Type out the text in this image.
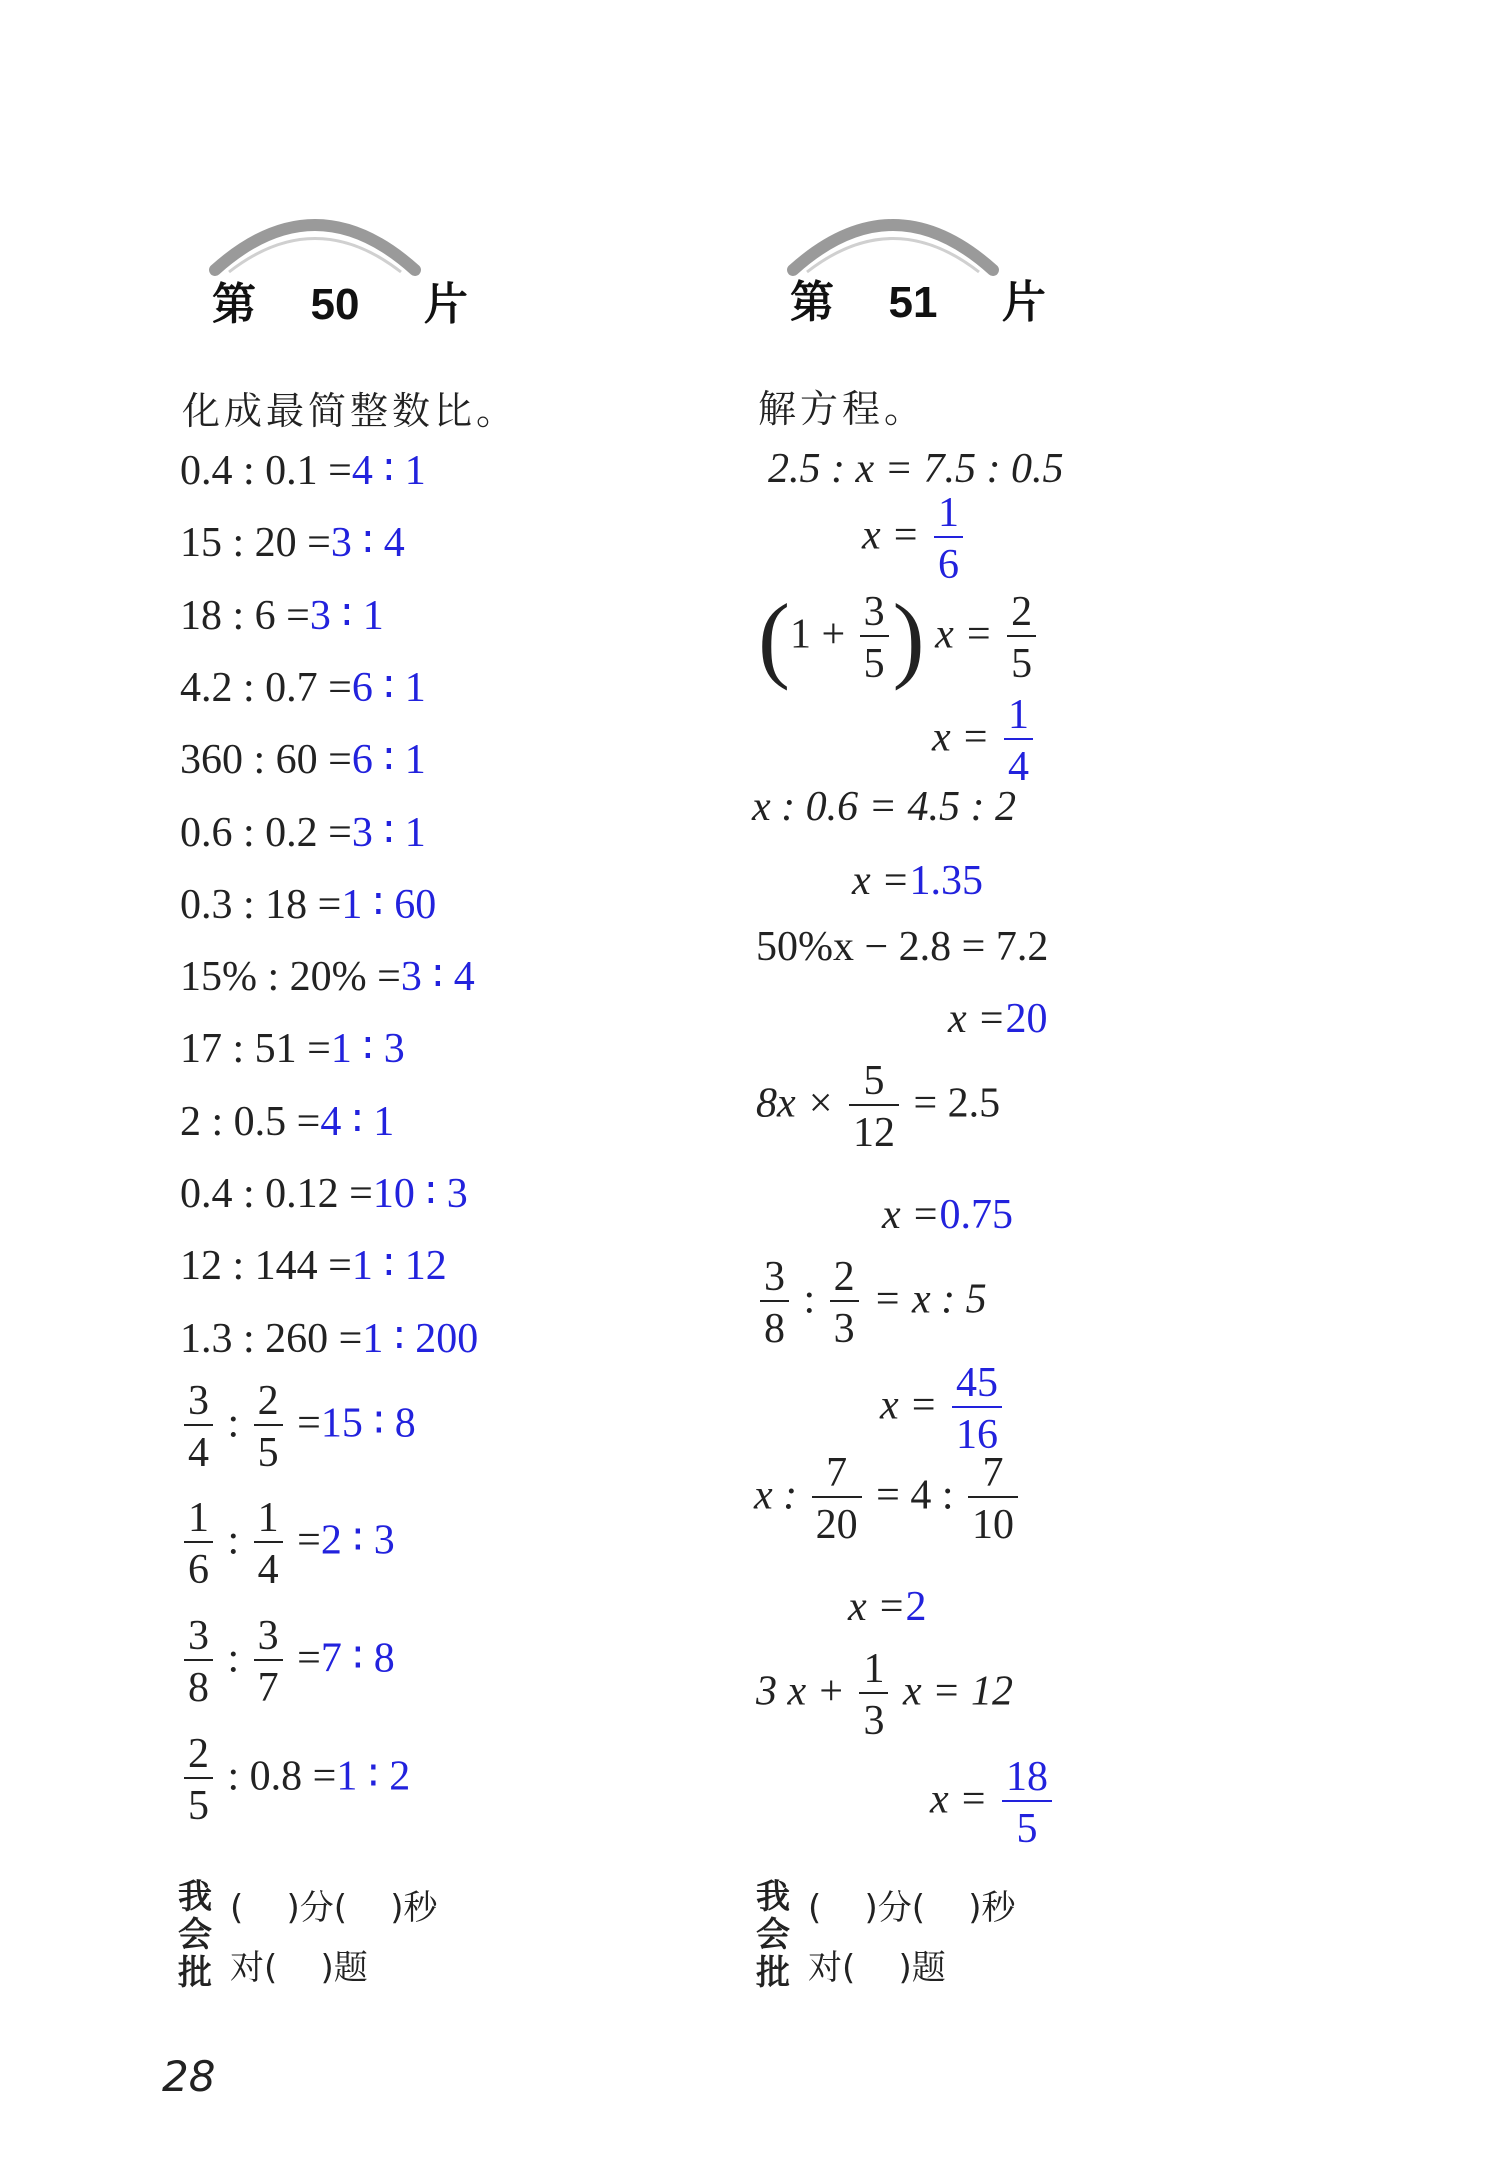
第 50 片
化成最简整数比。
0.4 : 0.1 =4 ∶ 1
15 : 20 =3 ∶ 4
18 : 6 =3 ∶ 1
4.2 : 0.7 =6 ∶ 1
360 : 60 =6 ∶ 1
0.6 : 0.2 =3 ∶ 1
0.3 : 18 =1 ∶ 60
15% : 20% =3 ∶ 4
17 : 51 =1 ∶ 3
2 : 0.5 =4 ∶ 1
0.4 : 0.12 =10 ∶ 3
12 : 144 =1 ∶ 12
1.3 : 260 =1 ∶ 200
$\frac{3}{4}$ : $\frac{2}{5} =15$ ∶ 8
$\frac{1}{6}$ : $\frac{1}{4} =2$ ∶ 3
$\frac{3}{8}$ : $\frac{3}{7} =7$ ∶ 8
$\frac{2}{5}$ : 0.8 =1 ∶ 2
我
会
批
(    )分(    )秒
对(    )题
第 51 片
解方程。
2.5 : x = 7.5 : 0.5
$x = \frac{1}{6}$
($1 + \frac{3}{5}$ ) $x = \frac{2}{5}$
$x = \frac{1}{4}$
x : 0.6 = 4.5 : 2
x =1.35
50%x − 2.8 = 7.2
x =20
$8x \times \frac{5}{12} = 2.5$
x =0.75
$\frac{3}{8}$ : $\frac{2}{3} = x$ : 5
$x = \frac{45}{16}$
x : $\frac{7}{20} = 4$ : $\frac{7}{10}$
x =2
3 $x + \frac{1}{3}$ x = 12
$x = \frac{18}{5}$
我
会
批
(    )分(    )秒
对(    )题
28
